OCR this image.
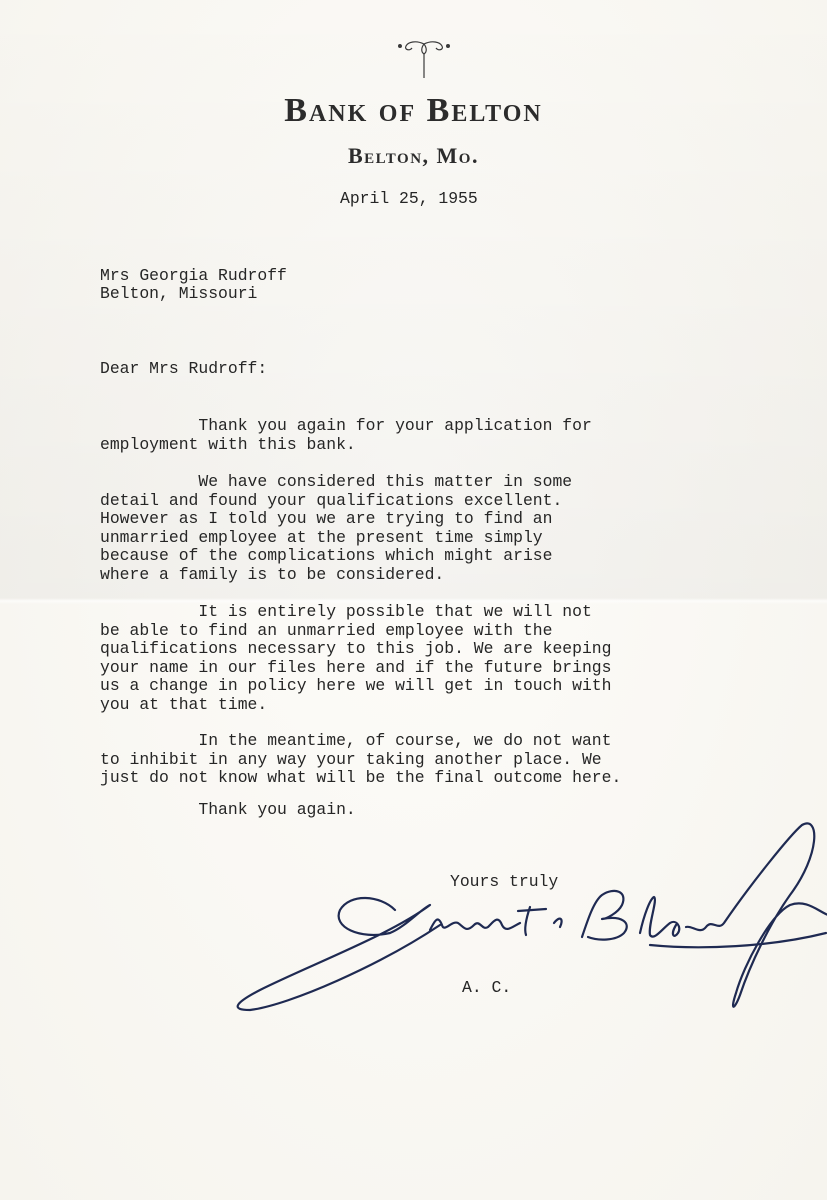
Bank of Belton
Belton, Mo.
April 25, 1955
Mrs Georgia Rudroff
Belton, Missouri
Dear Mrs Rudroff:
Thank you again for your application for
employment with this bank.
We have considered this matter in some
detail and found your qualifications excellent.
However as I told you we are trying to find an
unmarried employee at the present time simply
because of the complications which might arise
where a family is to be considered.
It is entirely possible that we will not
be able to find an unmarried employee with the
qualifications necessary to this job. We are keeping
your name in our files here and if the future brings
us a change in policy here we will get in touch with
you at that time.
In the meantime, of course, we do not want
to inhibit in any way your taking another place. We
just do not know what will be the final outcome here.
Thank you again.
Yours truly
A. C.
